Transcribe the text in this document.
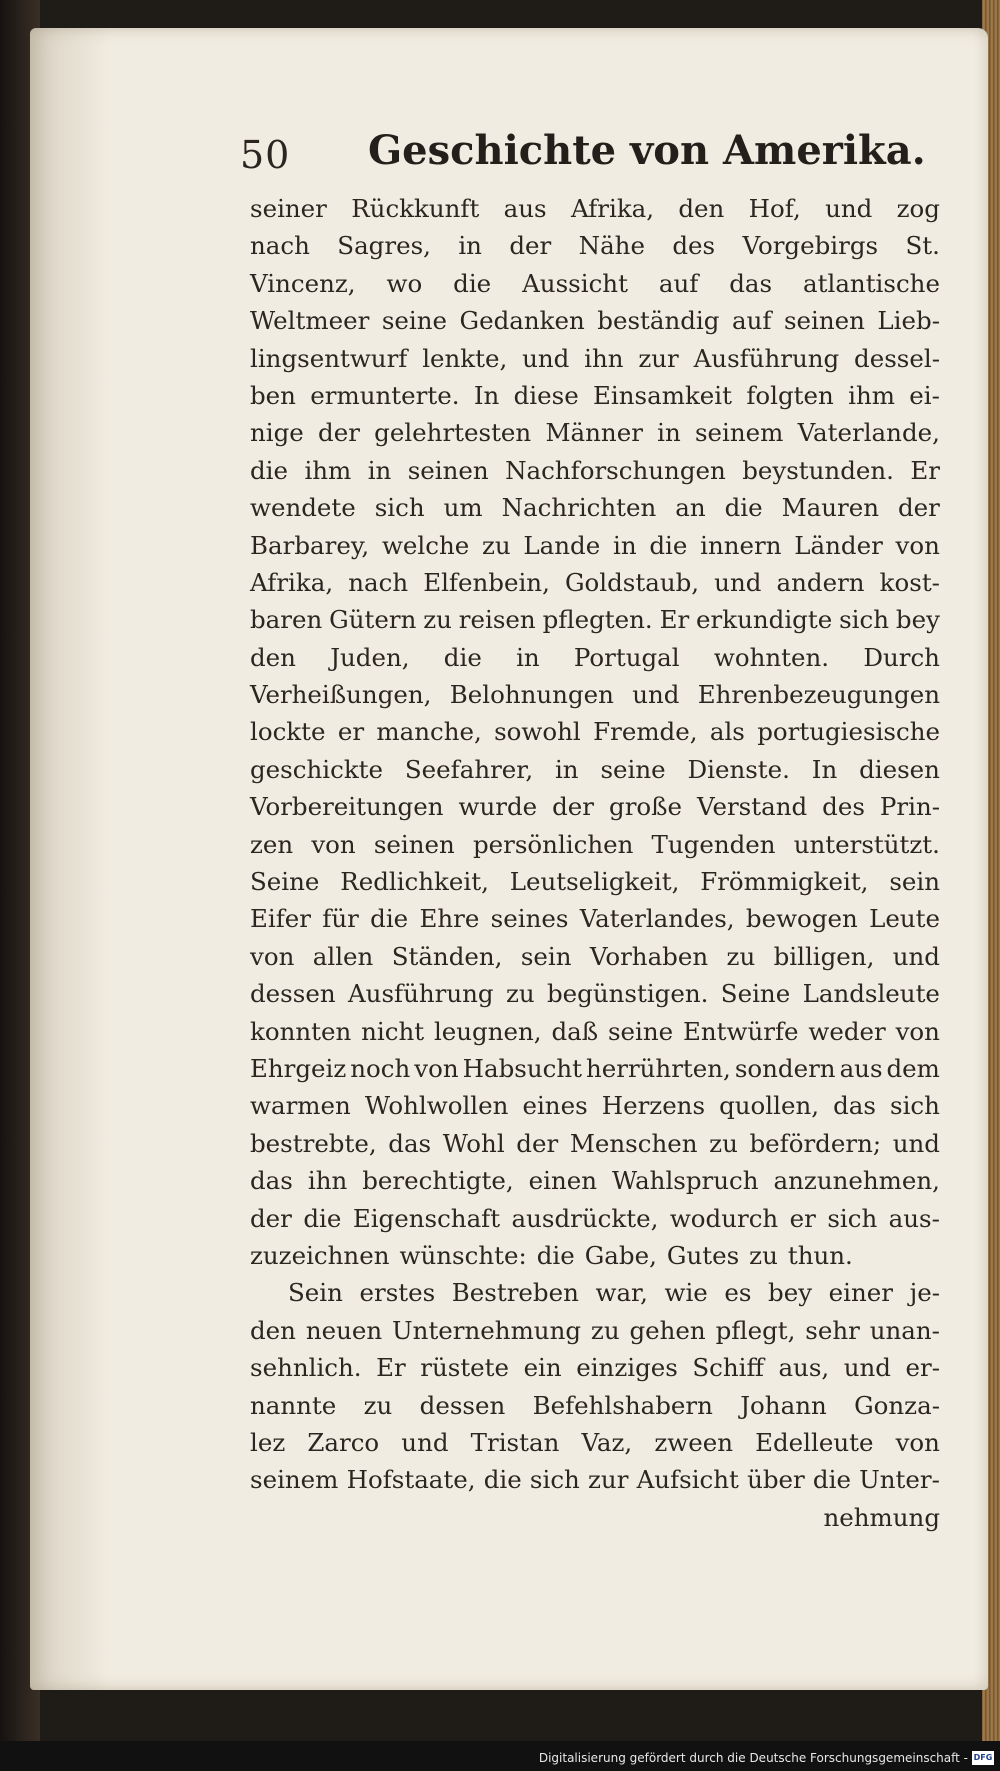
50 Geschichte von Amerika.
seiner Rückkunft aus Afrika, den Hof, und zog
nach Sagres, in der Nähe des Vorgebirgs St.
Vincenz, wo die Aussicht auf das atlantische
Weltmeer seine Gedanken beständig auf seinen Lieb-
lingsentwurf lenkte, und ihn zur Ausführung dessel-
ben ermunterte. In diese Einsamkeit folgten ihm ei-
nige der gelehrtesten Männer in seinem Vaterlande,
die ihm in seinen Nachforschungen beystunden. Er
wendete sich um Nachrichten an die Mauren der
Barbarey, welche zu Lande in die innern Länder von
Afrika, nach Elfenbein, Goldstaub, und andern kost-
baren Gütern zu reisen pflegten. Er erkundigte sich bey
den Juden, die in Portugal wohnten. Durch
Verheißungen, Belohnungen und Ehrenbezeugungen
lockte er manche, sowohl Fremde, als portugiesische
geschickte Seefahrer, in seine Dienste. In diesen
Vorbereitungen wurde der große Verstand des Prin-
zen von seinen persönlichen Tugenden unterstützt.
Seine Redlichkeit, Leutseligkeit, Frömmigkeit, sein
Eifer für die Ehre seines Vaterlandes, bewogen Leute
von allen Ständen, sein Vorhaben zu billigen, und
dessen Ausführung zu begünstigen. Seine Landsleute
konnten nicht leugnen, daß seine Entwürfe weder von
Ehrgeiz noch von Habsucht herrührten, sondern aus dem
warmen Wohlwollen eines Herzens quollen, das sich
bestrebte, das Wohl der Menschen zu befördern; und
das ihn berechtigte, einen Wahlspruch anzunehmen,
der die Eigenschaft ausdrückte, wodurch er sich aus-
zuzeichnen wünschte: die Gabe, Gutes zu thun.
Sein erstes Bestreben war, wie es bey einer je-
den neuen Unternehmung zu gehen pflegt, sehr unan-
sehnlich. Er rüstete ein einziges Schiff aus, und er-
nannte zu dessen Befehlshabern Johann Gonza-
lez Zarco und Tristan Vaz, zween Edelleute von
seinem Hofstaate, die sich zur Aufsicht über die Unter-
nehmung
Digitalisierung gefördert durch die Deutsche Forschungsgemeinschaft - DFG
